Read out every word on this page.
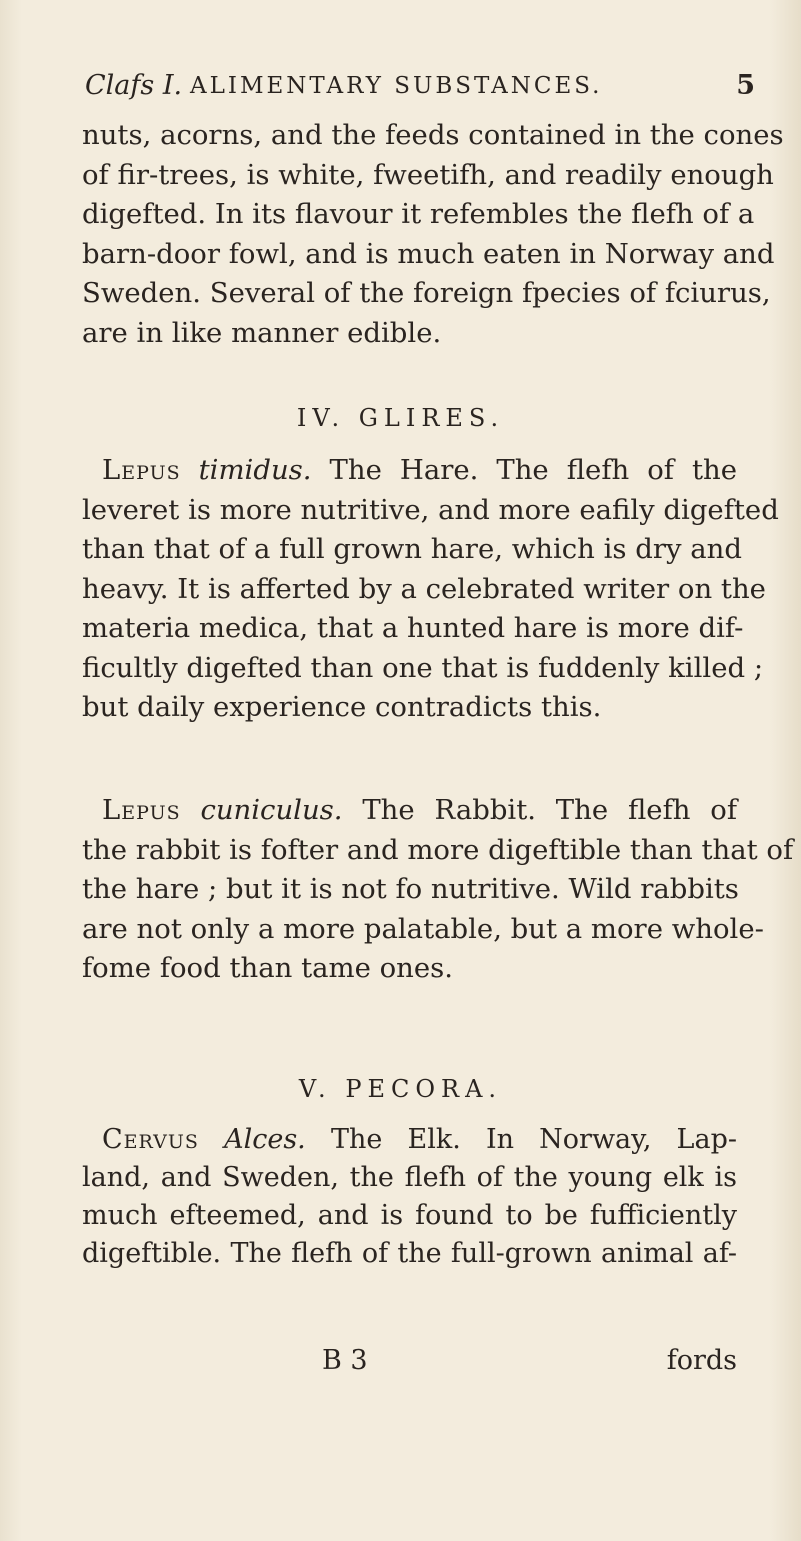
Clafs I. ALIMENTARY SUBSTANCES.	5
nuts, acorns, and the feeds contained in the cones
of fir-trees, is white, fweetifh, and readily enough
digefted. In its flavour it refembles the flefh of a
barn-door fowl, and is much eaten in Norway and
Sweden. Several of the foreign fpecies of fciurus,
are in like manner edible.
IV. GLIRES.
Lepus timidus. The Hare. The flefh of the
leveret is more nutritive, and more eafily digefted
than that of a full grown hare, which is dry and
heavy. It is afferted by a celebrated writer on the
materia medica, that a hunted hare is more dif-
ficultly digefted than one that is fuddenly killed ;
but daily experience contradicts this.
Lepus cuniculus. The Rabbit. The flefh of
the rabbit is fofter and more digeftible than that of
the hare ; but it is not fo nutritive. Wild rabbits
are not only a more palatable, but a more whole-
fome food than tame ones.
V. PECORA.
Cervus Alces. The Elk. In Norway, Lap-
land, and Sweden, the flefh of the young elk is
much efteemed, and is found to be fufficiently
digeftible. The flefh of the full-grown animal af-
B 3	fords
